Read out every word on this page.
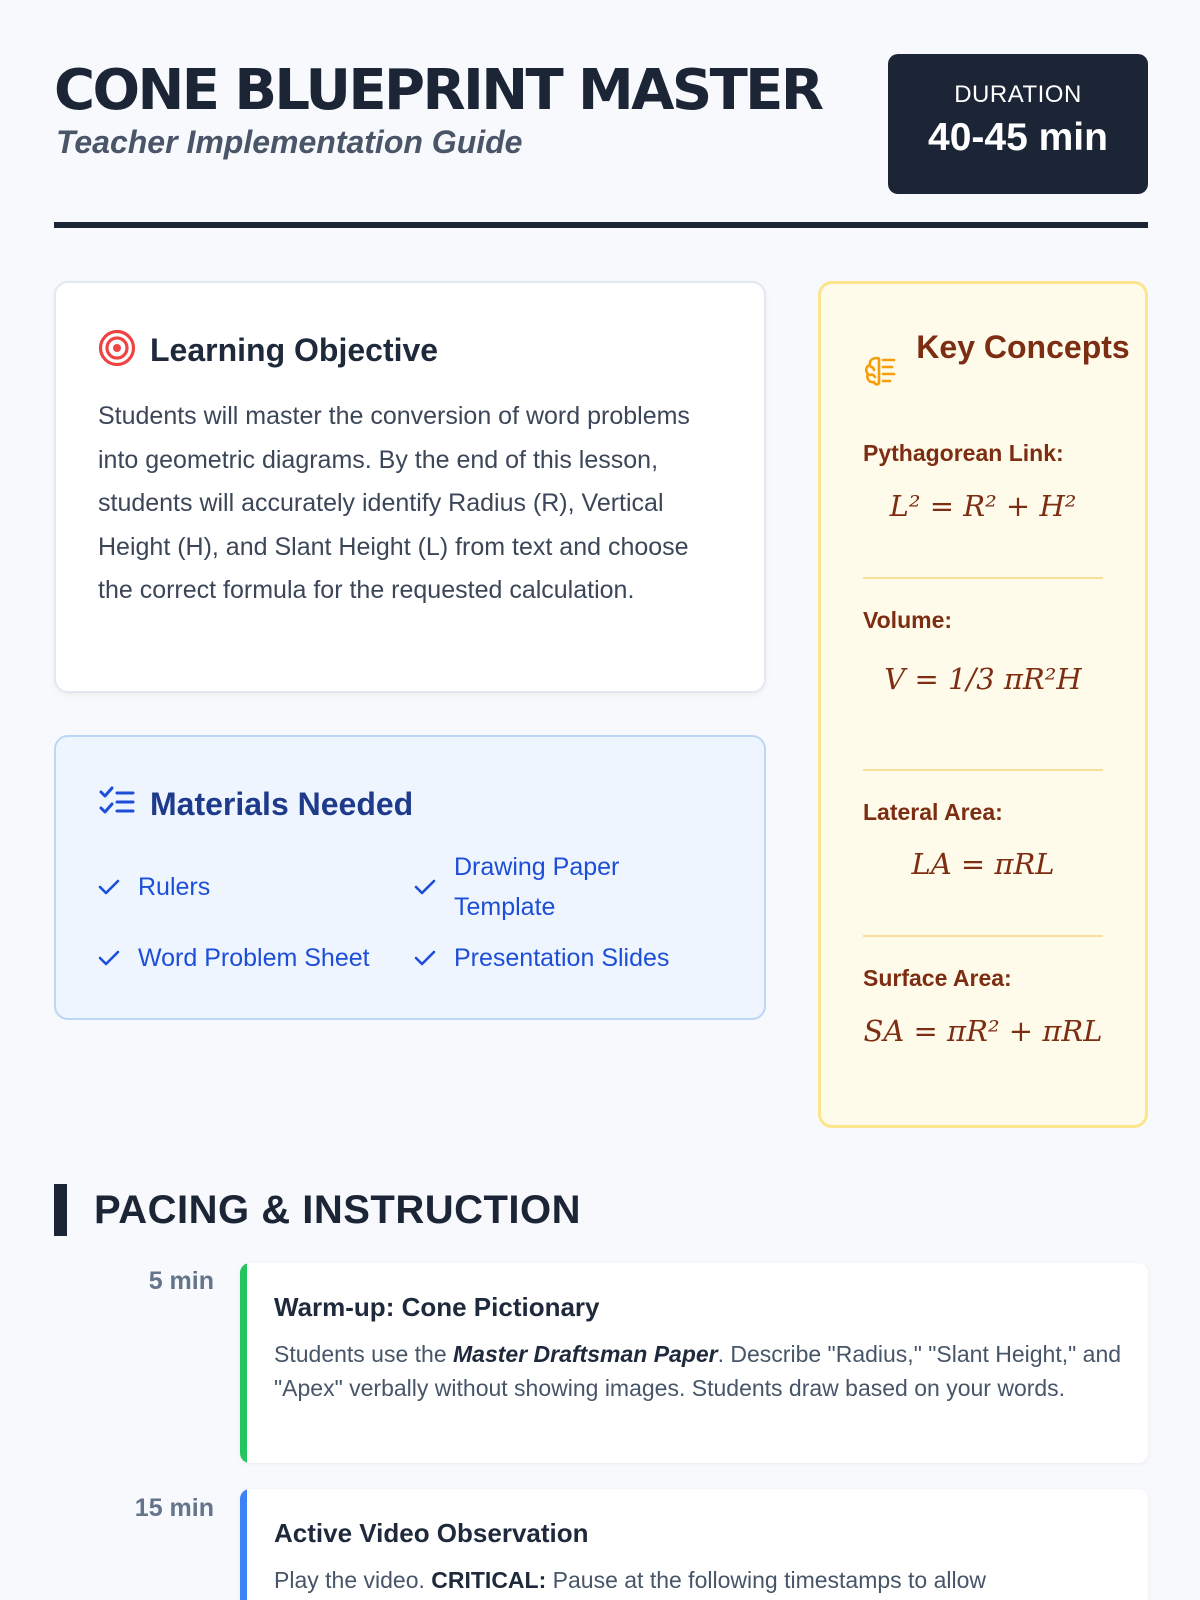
CONE BLUEPRINT MASTER
Teacher Implementation Guide
DURATION
40-45 min
Learning Objective
Students will master the conversion of word problems into geometric diagrams. By the end of this lesson, students will accurately identify Radius (R), Vertical Height (H), and Slant Height (L) from text and choose the correct formula for the requested calculation.
Materials Needed
Rulers
Drawing Paper Template
Word Problem Sheet	Presentation Slides
Key Concepts
Pythagorean Link:
L² = R² + H²
Volume:
V = 1/3 πR²H
Lateral Area:
LA = πRL
Surface Area:
SA = πR² + πRL
PACING & INSTRUCTION
5 min
Warm-up: Cone Pictionary
Students use the Master Draftsman Paper. Describe "Radius," "Slant Height," and "Apex" verbally without showing images. Students draw based on your words.
15 min
Active Video Observation
Play the video. CRITICAL: Pause at the following timestamps to allow
